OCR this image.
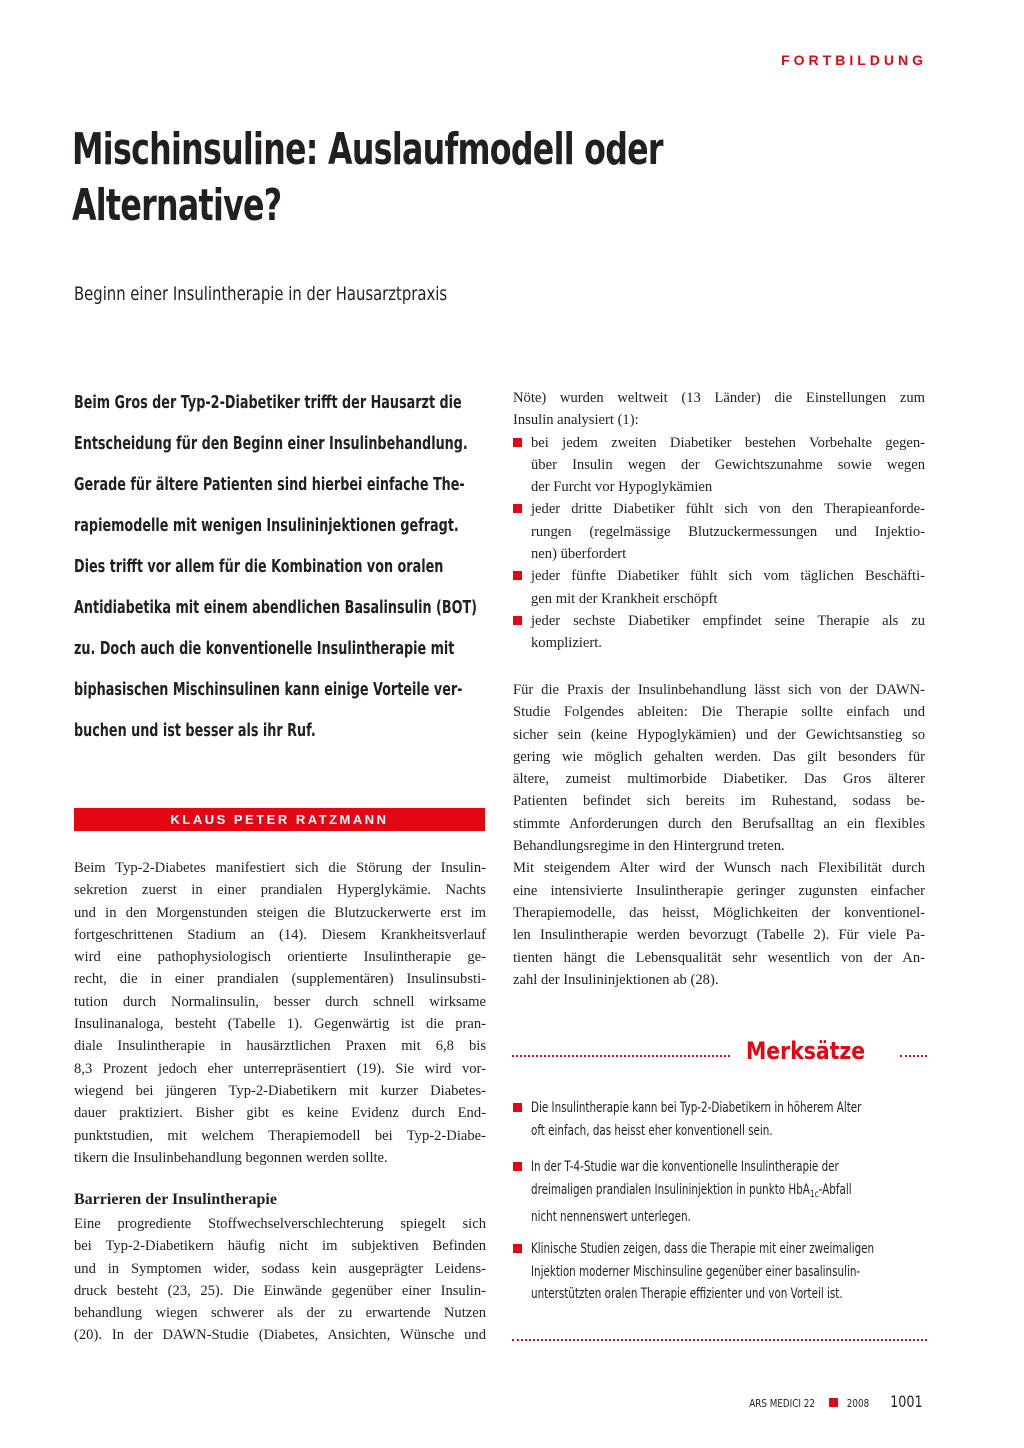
FORTBILDUNG
Mischinsuline: Auslaufmodell oder
Alternative?
Beginn einer Insulintherapie in der Hausarztpraxis

Beim Gros der Typ-2-Diabetiker trifft der Hausarzt die
Entscheidung für den Beginn einer Insulinbehandlung.
Gerade für ältere Patienten sind hierbei einfache The-
rapiemodelle mit wenigen Insulininjektionen gefragt.
Dies trifft vor allem für die Kombination von oralen
Antidiabetika mit einem abendlichen Basalinsulin (BOT)
zu. Doch auch die konventionelle Insulintherapie mit
biphasischen Mischinsulinen kann einige Vorteile ver-
buchen und ist besser als ihr Ruf.

KLAUS PETER RATZMANN
Beim Typ-2-Diabetes manifestiert sich die Störung der Insulin-
sekretion zuerst in einer prandialen Hyperglykämie. Nachts
und in den Morgenstunden steigen die Blutzuckerwerte erst im
fortgeschrittenen Stadium an (14). Diesem Krankheitsverlauf
wird eine pathophysiologisch orientierte Insulintherapie ge-
recht, die in einer prandialen (supplementären) Insulinsubsti-
tution durch Normalinsulin, besser durch schnell wirksame
Insulinanaloga, besteht (Tabelle 1). Gegenwärtig ist die pran-
diale Insulintherapie in hausärztlichen Praxen mit 6,8 bis
8,3 Prozent jedoch eher unterrepräsentiert (19). Sie wird vor-
wiegend bei jüngeren Typ-2-Diabetikern mit kurzer Diabetes-
dauer praktiziert. Bisher gibt es keine Evidenz durch End-
punktstudien, mit welchem Therapiemodell bei Typ-2-Diabe-
tikern die Insulinbehandlung begonnen werden sollte.
Barrieren der Insulintherapie
Eine progrediente Stoffwechselverschlechterung spiegelt sich
bei Typ-2-Diabetikern häufig nicht im subjektiven Befinden
und in Symptomen wider, sodass kein ausgeprägter Leidens-
druck besteht (23, 25). Die Einwände gegenüber einer Insulin-
behandlung wiegen schwerer als der zu erwartende Nutzen
(20). In der DAWN-Studie (Diabetes, Ansichten, Wünsche und
Nöte) wurden weltweit (13 Länder) die Einstellungen zum
Insulin analysiert (1):
bei jedem zweiten Diabetiker bestehen Vorbehalte gegen-
über Insulin wegen der Gewichtszunahme sowie wegen
der Furcht vor Hypoglykämien
jeder dritte Diabetiker fühlt sich von den Therapieanforde-
rungen (regelmässige Blutzuckermessungen und Injektio-
nen) überfordert
jeder fünfte Diabetiker fühlt sich vom täglichen Beschäfti-
gen mit der Krankheit erschöpft
jeder sechste Diabetiker empfindet seine Therapie als zu
kompliziert.
Für die Praxis der Insulinbehandlung lässt sich von der DAWN-
Studie Folgendes ableiten: Die Therapie sollte einfach und
sicher sein (keine Hypoglykämien) und der Gewichtsanstieg so
gering wie möglich gehalten werden. Das gilt besonders für
ältere, zumeist multimorbide Diabetiker. Das Gros älterer
Patienten befindet sich bereits im Ruhestand, sodass be-
stimmte Anforderungen durch den Berufsalltag an ein flexibles
Behandlungsregime in den Hintergrund treten.
Mit steigendem Alter wird der Wunsch nach Flexibilität durch
eine intensivierte Insulintherapie geringer zugunsten einfacher
Therapiemodelle, das heisst, Möglichkeiten der konventionel-
len Insulintherapie werden bevorzugt (Tabelle 2). Für viele Pa-
tienten hängt die Lebensqualität sehr wesentlich von der An-
zahl der Insulininjektionen ab (28).
Merksätze
Die Insulintherapie kann bei Typ-2-Diabetikern in höherem Alter
oft einfach, das heisst eher konventionell sein.
In der T-4-Studie war die konventionelle Insulintherapie der
dreimaligen prandialen Insulininjektion in punkto HbA$_{1c}$-Abfall
nicht nennenswert unterlegen.
Klinische Studien zeigen, dass die Therapie mit einer zweimaligen
Injektion moderner Mischinsuline gegenüber einer basalinsulin-
unterstützten oralen Therapie effizienter und von Vorteil ist.
ARS MEDICI 22	2008 1001
